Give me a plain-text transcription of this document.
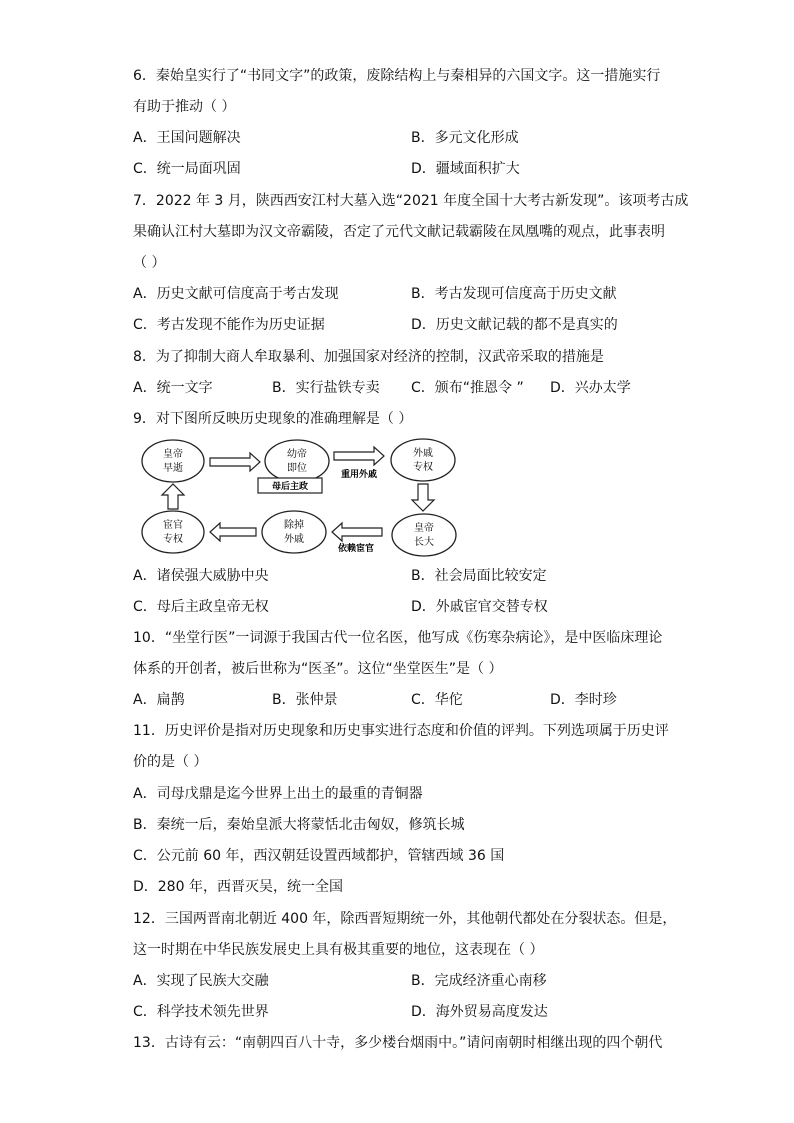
6．秦始皇实行了“书同文字”的政策，废除结构上与秦相异的六国文字。这一措施实行
有助于推动（ ）
A．王国问题解决	B．多元文化形成
C．统一局面巩固	D．疆域面积扩大
7．2022 年 3 月，陕西西安江村大墓入选“2021 年度全国十大考古新发现”。该项考古成
果确认江村大墓即为汉文帝霸陵，否定了元代文献记载霸陵在凤凰嘴的观点，此事表明
（ ）
A．历史文献可信度高于考古发现	B．考古发现可信度高于历史文献
C．考古发现不能作为历史证据	D．历史文献记载的都不是真实的
8．为了抑制大商人牟取暴利、加强国家对经济的控制，汉武帝采取的措施是
A．统一文字	B．实行盐铁专卖 C．颁布“推恩令 ” D．兴办太学
9．对下图所反映历史现象的准确理解是（ ）
皇帝
早逝
幼帝
即位
母后主政
重用外戚
外戚
专权
皇帝
长大
依赖宦官
除掉
外戚
宦官
专权
A．诸侯强大威胁中央	B．社会局面比较安定
C．母后主政皇帝无权	D．外戚宦官交替专权
10．“坐堂行医”一词源于我国古代一位名医，他写成《伤寒杂病论》，是中医临床理论
体系的开创者，被后世称为“医圣”。这位“坐堂医生”是（ ）
A．扁鹊	B．张仲景	C．华佗	D．李时珍
11．历史评价是指对历史现象和历史事实进行态度和价值的评判。下列选项属于历史评
价的是（ ）
A．司母戊鼎是迄今世界上出土的最重的青铜器
B．秦统一后，秦始皇派大将蒙恬北击匈奴，修筑长城
C．公元前 60 年，西汉朝廷设置西域都护，管辖西域 36 国
D．280 年，西晋灭吴，统一全国
12．三国两晋南北朝近 400 年，除西晋短期统一外，其他朝代都处在分裂状态。但是，
这一时期在中华民族发展史上具有极其重要的地位，这表现在（ ）
A．实现了民族大交融	B．完成经济重心南移
C．科学技术领先世界	D．海外贸易高度发达
13．古诗有云：“南朝四百八十寺，多少楼台烟雨中。”请问南朝时相继出现的四个朝代
